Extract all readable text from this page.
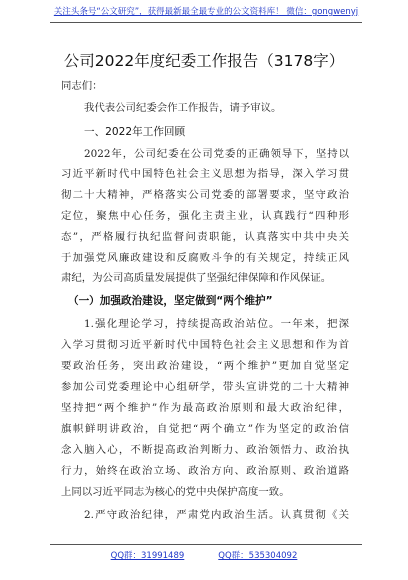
关注头条号“公文研究”，获得最新最全最专业的公文资料库！ 微信：gongwenyj
公司2022年度纪委工作报告（3178字）
同志们：
我代表公司纪委会作工作报告，请予审议。
一、2022年工作回顾
2022年，公司纪委在公司党委的正确领导下，坚持以
习近平新时代中国特色社会主义思想为指导，深入学习贯
彻二十大精神，严格落实公司党委的部署要求，坚守政治
定位，聚焦中心任务，强化主责主业，认真践行“四种形
态”，严格履行执纪监督问责职能，认真落实中共中央关
于加强党风廉政建设和反腐败斗争的有关规定，持续正风
肃纪，为公司高质量发展提供了坚强纪律保障和作风保证。
（一）加强政治建设，坚定做到“两个维护”
1.强化理论学习，持续提高政治站位。一年来，把深
入学习贯彻习近平新时代中国特色社会主义思想和作为首
要政治任务，突出政治建设，“两个维护”更加自觉坚定
参加公司党委理论中心组研学，带头宣讲党的二十大精神
坚持把“两个维护”作为最高政治原则和最大政治纪律，
旗帜鲜明讲政治，自觉把“两个确立”作为坚定的政治信
念入脑入心，不断提高政治判断力、政治领悟力、政治执
行力，始终在政治立场、政治方向、政治原则、政治道路
上同以习近平同志为核心的党中央保护高度一致。
2.严守政治纪律，严肃党内政治生活。认真贯彻《关
QQ群：31991489	QQ群：535304092
